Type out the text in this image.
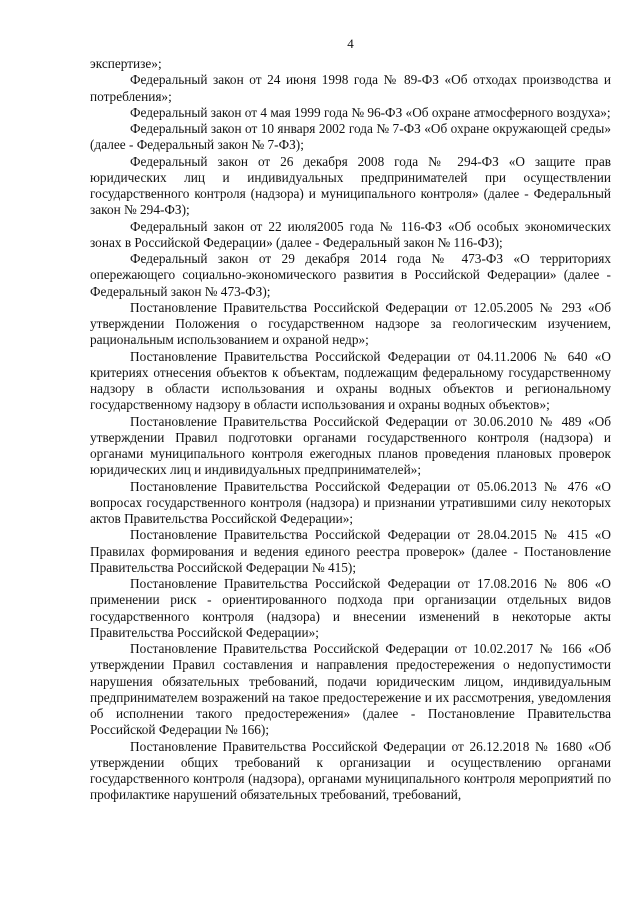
4

экспертизе»;

Федеральный закон от 24 июня 1998 года № 89-ФЗ «Об отходах производства и потребления»;

Федеральный закон от 4 мая 1999 года № 96-ФЗ «Об охране атмосферного воздуха»;

Федеральный закон от 10 января 2002 года № 7-ФЗ «Об охране окружающей среды» (далее - Федеральный закон № 7-ФЗ);

Федеральный закон от 26 декабря 2008 года № 294-ФЗ «О защите прав юридических лиц и индивидуальных предпринимателей при осуществлении государственного контроля (надзора) и муниципального контроля» (далее - Федеральный закон № 294-ФЗ);

Федеральный закон от 22 июля2005 года № 116-ФЗ «Об особых экономических зонах в Российской Федерации» (далее - Федеральный закон № 116-ФЗ);

Федеральный закон от 29 декабря 2014 года № 473-ФЗ «О территориях опережающего социально-экономического развития в Российской Федерации» (далее - Федеральный закон № 473-ФЗ);

Постановление Правительства Российской Федерации от 12.05.2005 № 293 «Об утверждении Положения о государственном надзоре за геологическим изучением, рациональным использованием и охраной недр»;

Постановление Правительства Российской Федерации от 04.11.2006 № 640 «О критериях отнесения объектов к объектам, подлежащим федеральному государственному надзору в области использования и охраны водных объектов и региональному государственному надзору в области использования и охраны водных объектов»;

Постановление Правительства Российской Федерации от 30.06.2010 № 489 «Об утверждении Правил подготовки органами государственного контроля (надзора) и органами муниципального контроля ежегодных планов проведения плановых проверок юридических лиц и индивидуальных предпринимателей»;

Постановление Правительства Российской Федерации от 05.06.2013 № 476 «О вопросах государственного контроля (надзора) и признании утратившими силу некоторых актов Правительства Российской Федерации»;

Постановление Правительства Российской Федерации от 28.04.2015 № 415 «О Правилах формирования и ведения единого реестра проверок» (далее - Постановление Правительства Российской Федерации № 415);

Постановление Правительства Российской Федерации от 17.08.2016 № 806 «О применении риск - ориентированного подхода при организации отдельных видов государственного контроля (надзора) и внесении изменений в некоторые акты Правительства Российской Федерации»;

Постановление Правительства Российской Федерации от 10.02.2017 № 166 «Об утверждении Правил составления и направления предостережения о недопустимости нарушения обязательных требований, подачи юридическим лицом, индивидуальным предпринимателем возражений на такое предостережение и их рассмотрения, уведомления об исполнении такого предостережения» (далее - Постановление Правительства Российской Федерации № 166);

Постановление Правительства Российской Федерации от 26.12.2018 № 1680 «Об утверждении общих требований к организации и осуществлению органами государственного контроля (надзора), органами муниципального контроля мероприятий по профилактике нарушений обязательных требований, требований,
